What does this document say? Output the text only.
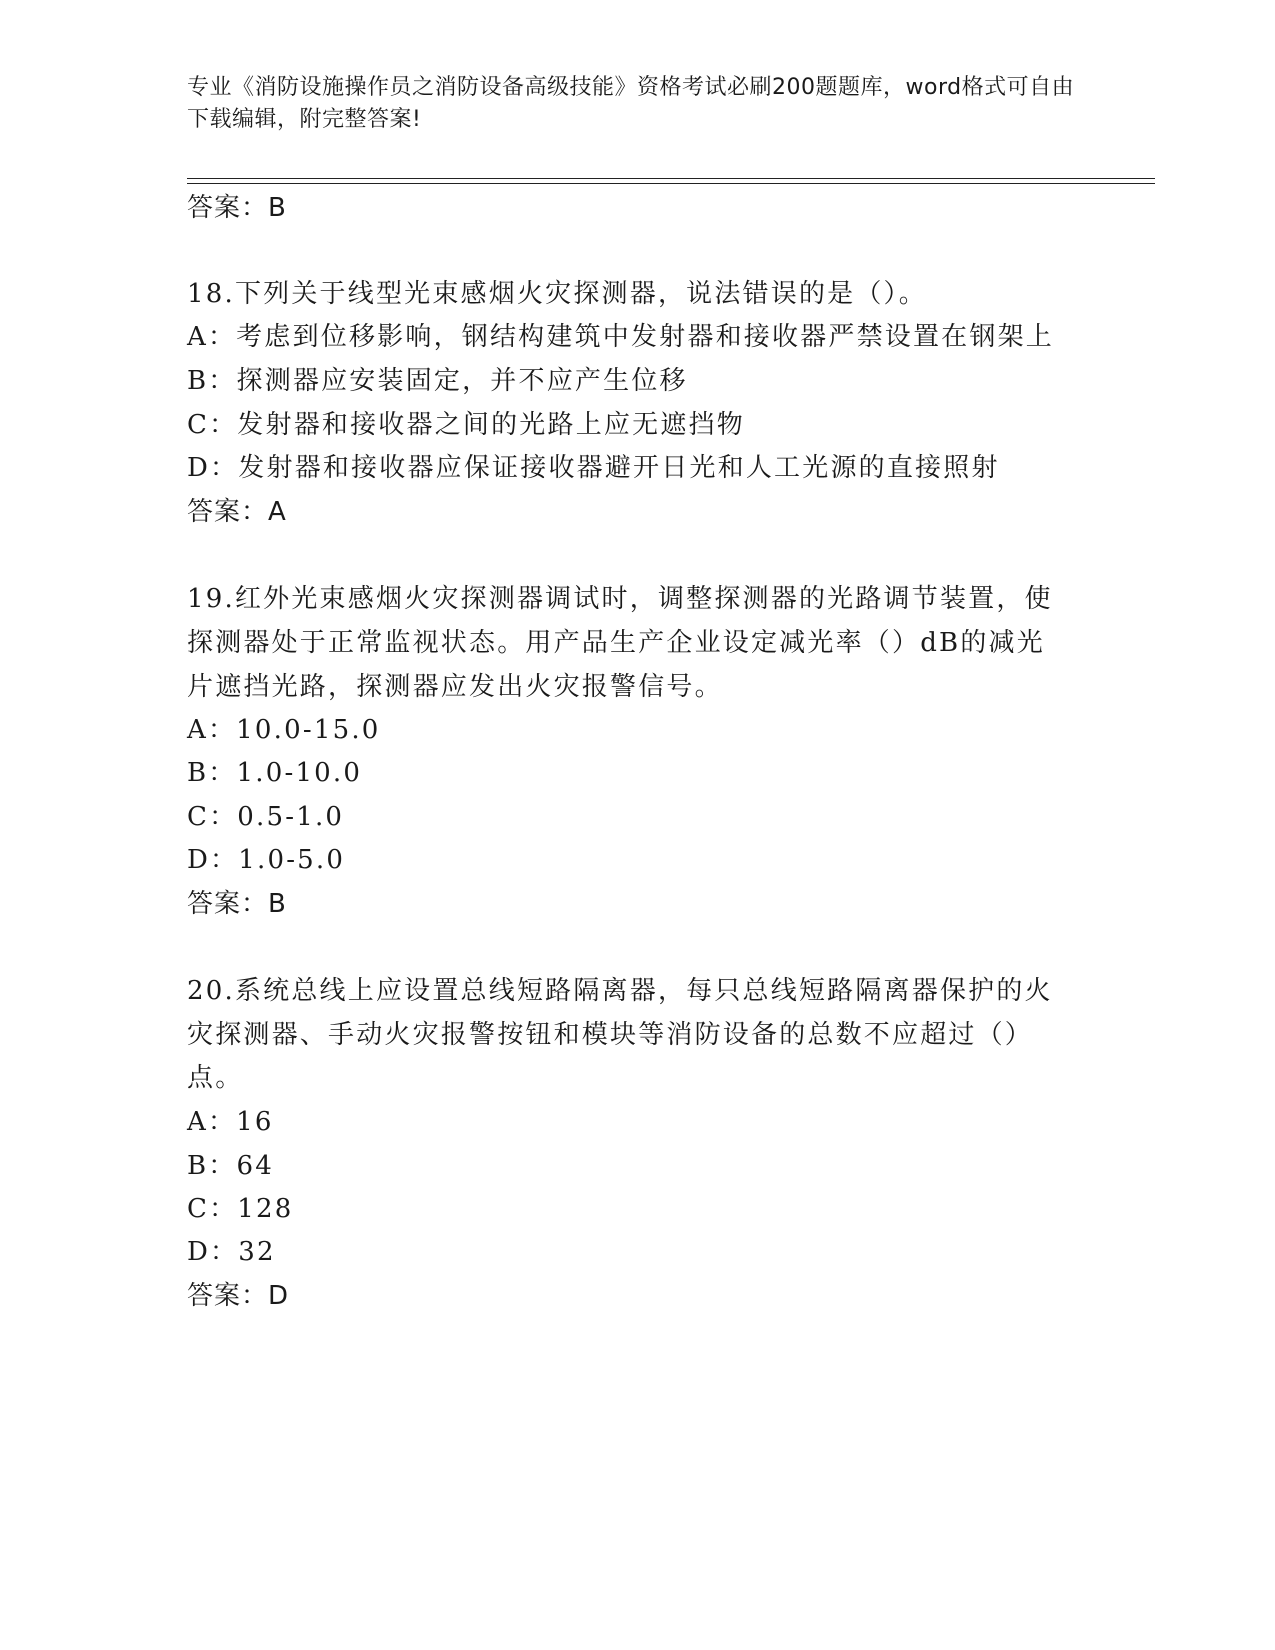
专业《消防设施操作员之消防设备高级技能》资格考试必刷200题题库，word格式可自由下载编辑，附完整答案!
答案：B
18.下列关于线型光束感烟火灾探测器，说法错误的是（）。
A：考虑到位移影响，钢结构建筑中发射器和接收器严禁设置在钢架上
B：探测器应安装固定，并不应产生位移
C：发射器和接收器之间的光路上应无遮挡物
D：发射器和接收器应保证接收器避开日光和人工光源的直接照射
答案：A
19.红外光束感烟火灾探测器调试时，调整探测器的光路调节装置，使
探测器处于正常监视状态。用产品生产企业设定减光率（）dB的减光
片遮挡光路，探测器应发出火灾报警信号。
A：10.0-15.0
B：1.0-10.0
C：0.5-1.0
D：1.0-5.0
答案：B
20.系统总线上应设置总线短路隔离器，每只总线短路隔离器保护的火
灾探测器、手动火灾报警按钮和模块等消防设备的总数不应超过（）
点。
A：16
B：64
C：128
D：32
答案：D
